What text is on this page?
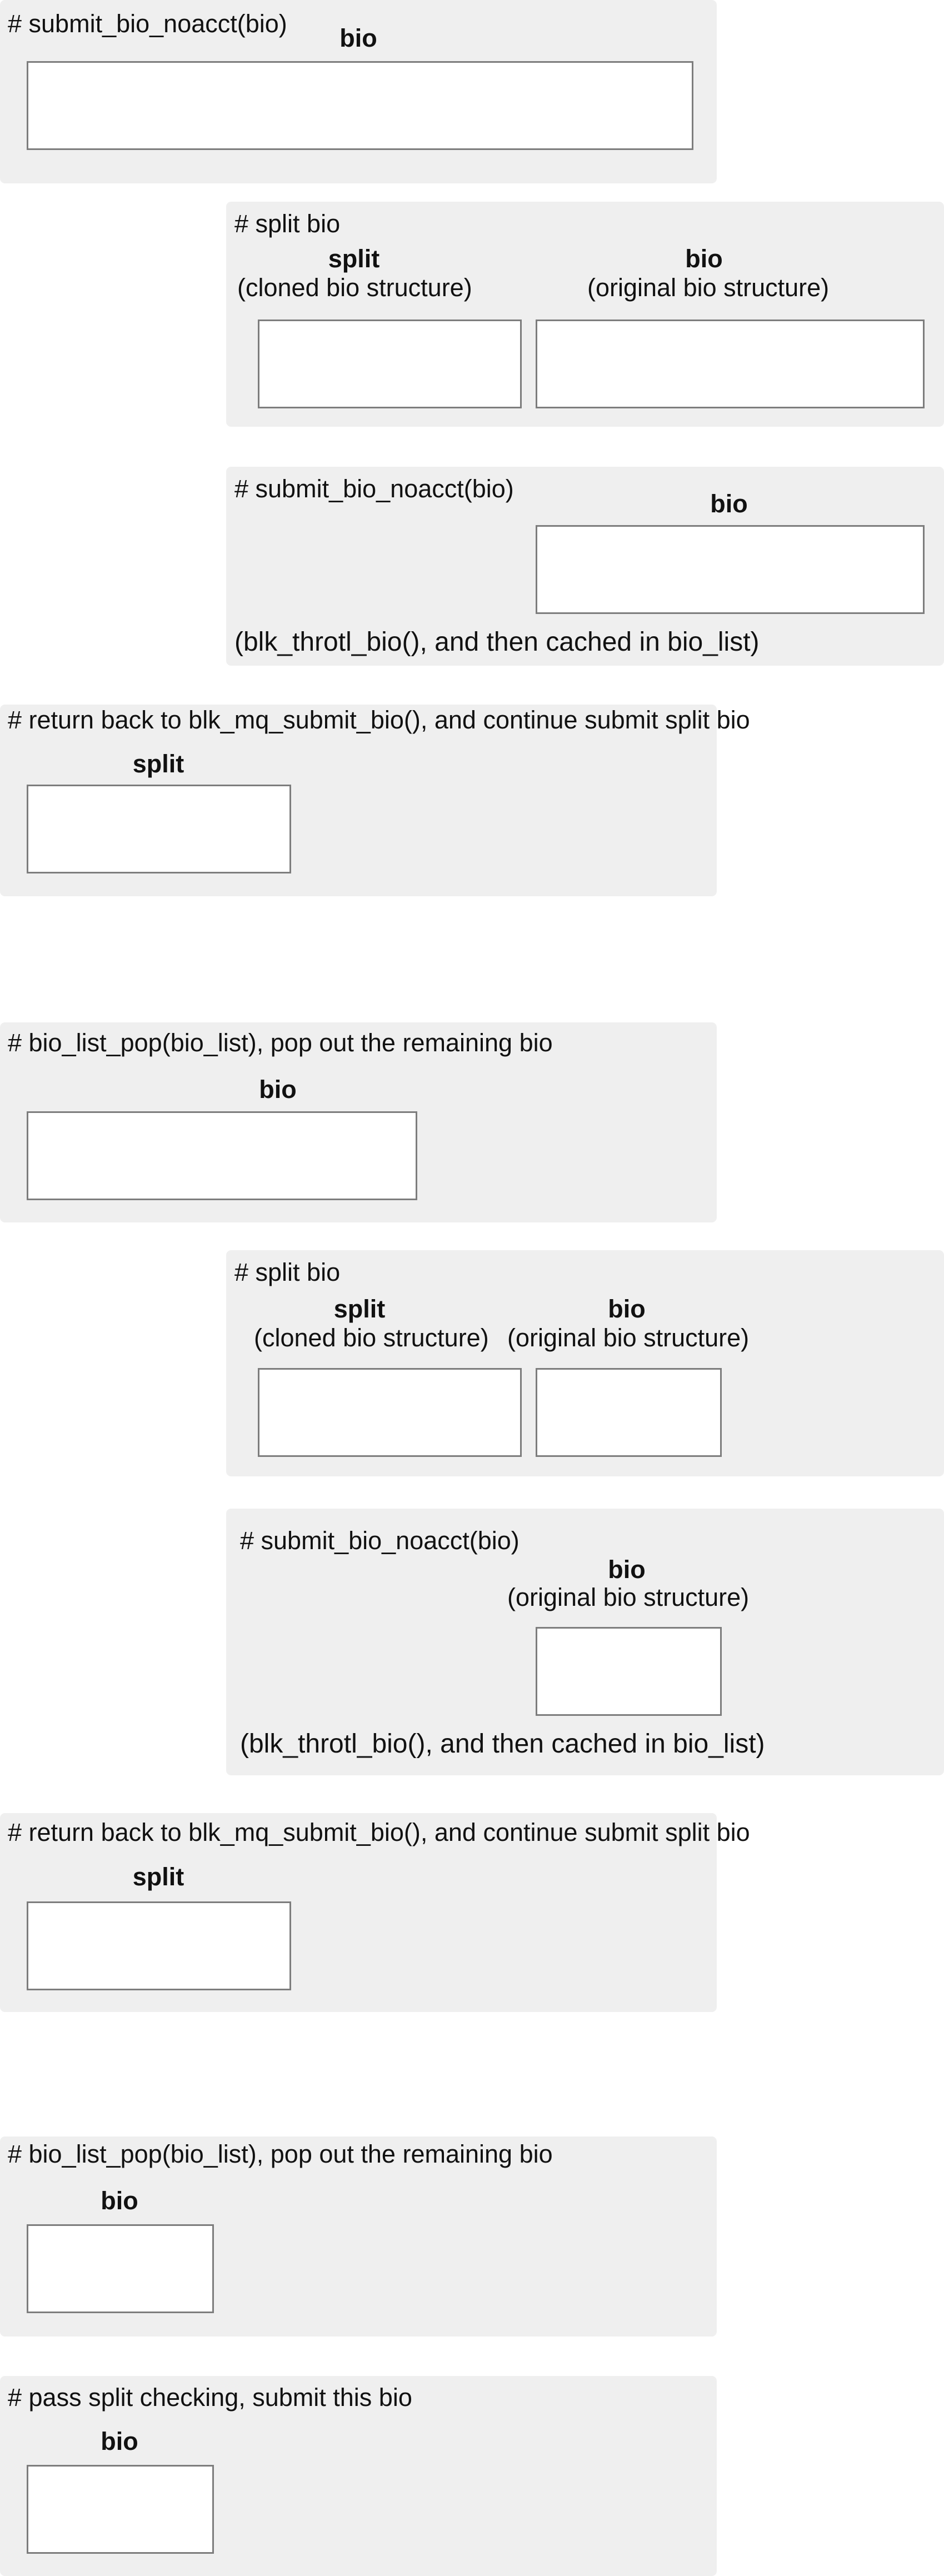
# submit_bio_noacct(bio)
bio
# split bio
split
(cloned bio structure)
bio
(original bio structure)
# submit_bio_noacct(bio)
bio
(blk_throtl_bio(), and then cached in bio_list)
# return back to blk_mq_submit_bio(), and continue submit split bio
split
# bio_list_pop(bio_list), pop out the remaining bio
bio
# split bio
split
(cloned bio structure)
bio
(original bio structure)
# submit_bio_noacct(bio)
bio
(original bio structure)
(blk_throtl_bio(), and then cached in bio_list)
# return back to blk_mq_submit_bio(), and continue submit split bio
split
# bio_list_pop(bio_list), pop out the remaining bio
bio
# pass split checking, submit this bio
bio
